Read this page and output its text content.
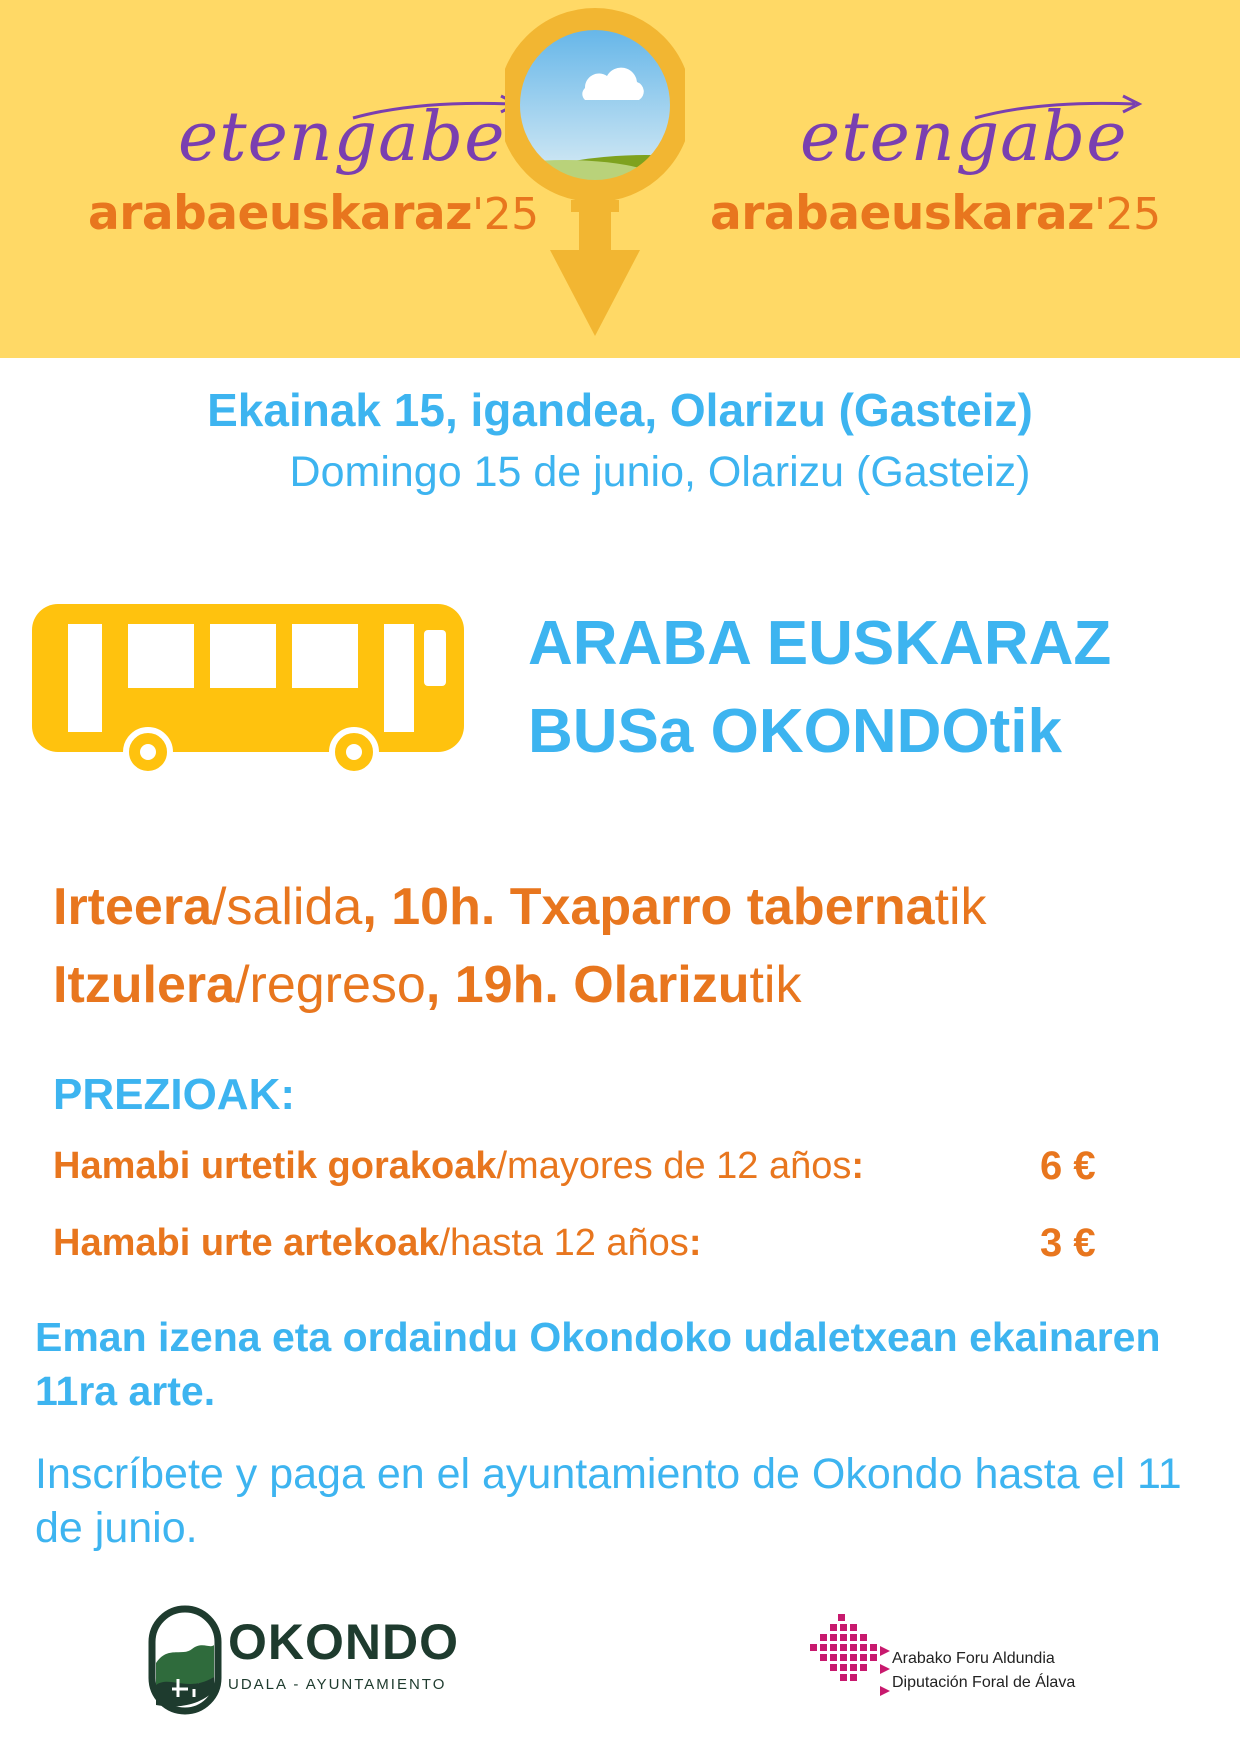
etengabe
arabaeuskaraz'25
etengabe
arabaeuskaraz'25
Ekainak 15, igandea, Olarizu (Gasteiz)
Domingo 15 de junio, Olarizu (Gasteiz)
ARABA EUSKARAZ
BUSa OKONDOtik
Irteera/salida, 10h. Txaparro tabernatik
Itzulera/regreso, 19h. Olarizutik
PREZIOAK:
Hamabi urtetik gorakoak/mayores de 12 años:	6 €
Hamabi urte artekoak/hasta 12 años:	3 €
Eman izena eta ordaindu Okondoko udaletxean ekainaren 11ra arte.
Inscríbete y paga en el ayuntamiento de Okondo hasta el 11 de junio.
OKONDO
UDALA - AYUNTAMIENTO
Arabako Foru Aldundia
Diputación Foral de Álava
